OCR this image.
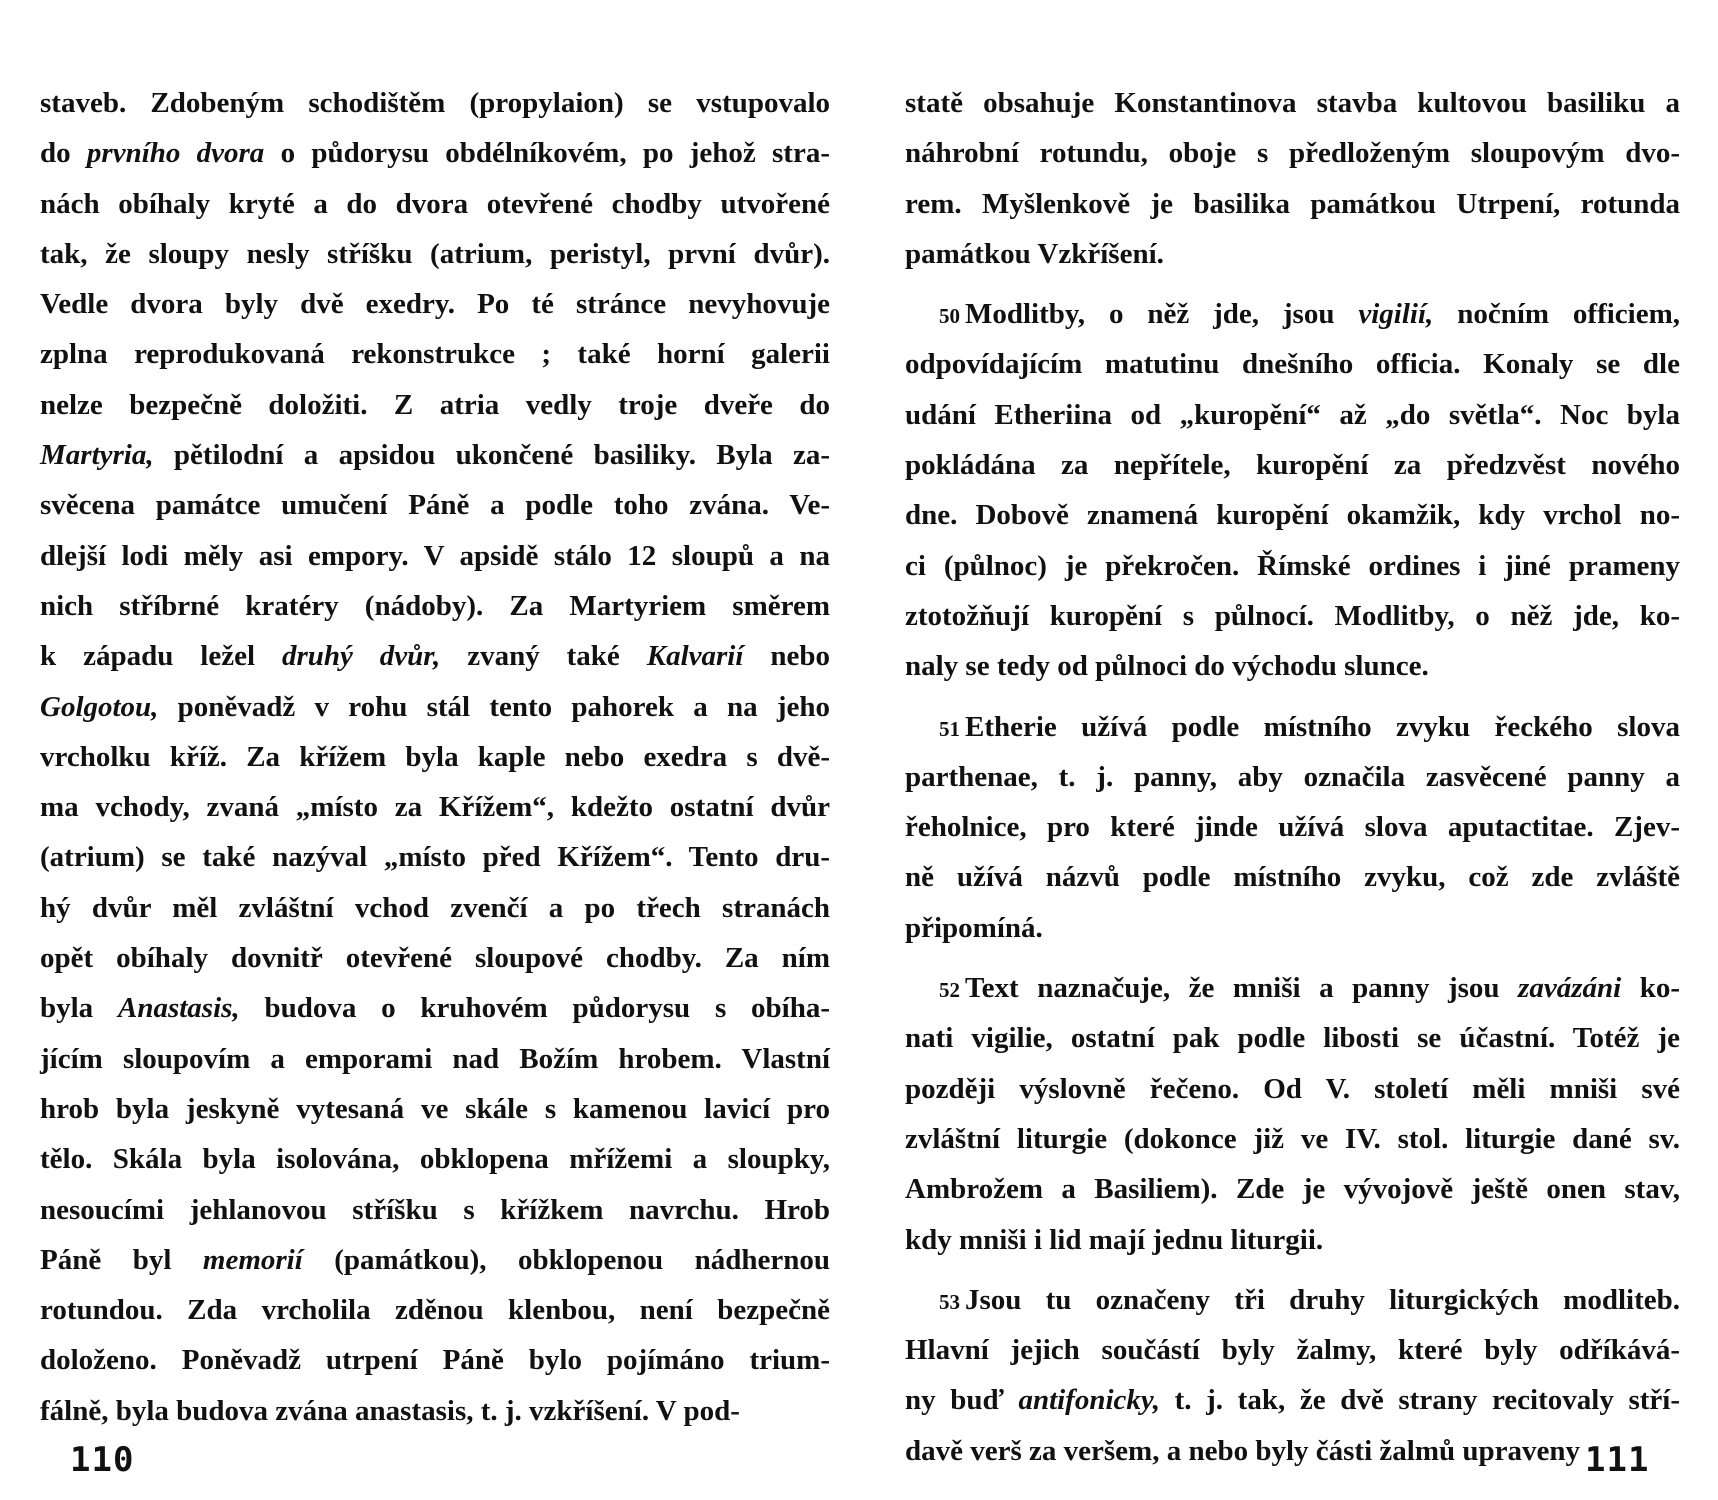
staveb. Zdobeným schodištěm (propylaion) se vstupovalo
do prvního dvora o půdorysu obdélníkovém, po jehož stra-
nách obíhaly kryté a do dvora otevřené chodby utvořené
tak, že sloupy nesly stříšku (atrium, peristyl, první dvůr).
Vedle dvora byly dvě exedry. Po té stránce nevyhovuje
zplna reprodukovaná rekonstrukce ; také horní galerii
nelze bezpečně doložiti. Z atria vedly troje dveře do
Martyria, pětilodní a apsidou ukončené basiliky. Byla za-
svěcena památce umučení Páně a podle toho zvána. Ve-
dlejší lodi měly asi empory. V apsidě stálo 12 sloupů a na
nich stříbrné kratéry (nádoby). Za Martyriem směrem
k západu ležel druhý dvůr, zvaný také Kalvarií nebo
Golgotou, poněvadž v rohu stál tento pahorek a na jeho
vrcholku kříž. Za křížem byla kaple nebo exedra s dvě-
ma vchody, zvaná „místo za Křížem“, kdežto ostatní dvůr
(atrium) se také nazýval „místo před Křížem“. Tento dru-
hý dvůr měl zvláštní vchod zvenčí a po třech stranách
opět obíhaly dovnitř otevřené sloupové chodby. Za ním
byla Anastasis, budova o kruhovém půdorysu s obíha-
jícím sloupovím a emporami nad Božím hrobem. Vlastní
hrob byla jeskyně vytesaná ve skále s kamenou lavicí pro
tělo. Skála byla isolována, obklopena mřížemi a sloupky,
nesoucími jehlanovou stříšku s křížkem navrchu. Hrob
Páně byl memorií (památkou), obklopenou nádhernou
rotundou. Zda vrcholila zděnou klenbou, není bezpečně
doloženo. Poněvadž utrpení Páně bylo pojímáno trium-
fálně, byla budova zvána anastasis, t. j. vzkříšení. V pod-
110
statě obsahuje Konstantinova stavba kultovou basiliku a
náhrobní rotundu, oboje s předloženým sloupovým dvo-
rem. Myšlenkově je basilika památkou Utrpení, rotunda
památkou Vzkříšení.
50 Modlitby, o něž jde, jsou vigilií, nočním officiem,
odpovídajícím matutinu dnešního officia. Konaly se dle
udání Etheriina od „kuropění“ až „do světla“. Noc byla
pokládána za nepřítele, kuropění za předzvěst nového
dne. Dobově znamená kuropění okamžik, kdy vrchol no-
ci (půlnoc) je překročen. Římské ordines i jiné prameny
ztotožňují kuropění s půlnocí. Modlitby, o něž jde, ko-
naly se tedy od půlnoci do východu slunce.
51 Etherie užívá podle místního zvyku řeckého slova
parthenae, t. j. panny, aby označila zasvěcené panny a
řeholnice, pro které jinde užívá slova aputactitae. Zjev-
ně užívá názvů podle místního zvyku, což zde zvláště
připomíná.
52 Text naznačuje, že mniši a panny jsou zavázáni ko-
nati vigilie, ostatní pak podle libosti se účastní. Totéž je
později výslovně řečeno. Od V. století měli mniši své
zvláštní liturgie (dokonce již ve IV. stol. liturgie dané sv.
Ambrožem a Basiliem). Zde je vývojově ještě onen stav,
kdy mniši i lid mají jednu liturgii.
53 Jsou tu označeny tři druhy liturgických modliteb.
Hlavní jejich součástí byly žalmy, které byly odříkává-
ny buď antifonicky, t. j. tak, že dvě strany recitovaly stří-
davě verš za veršem, a nebo byly části žalmů upraveny 111
